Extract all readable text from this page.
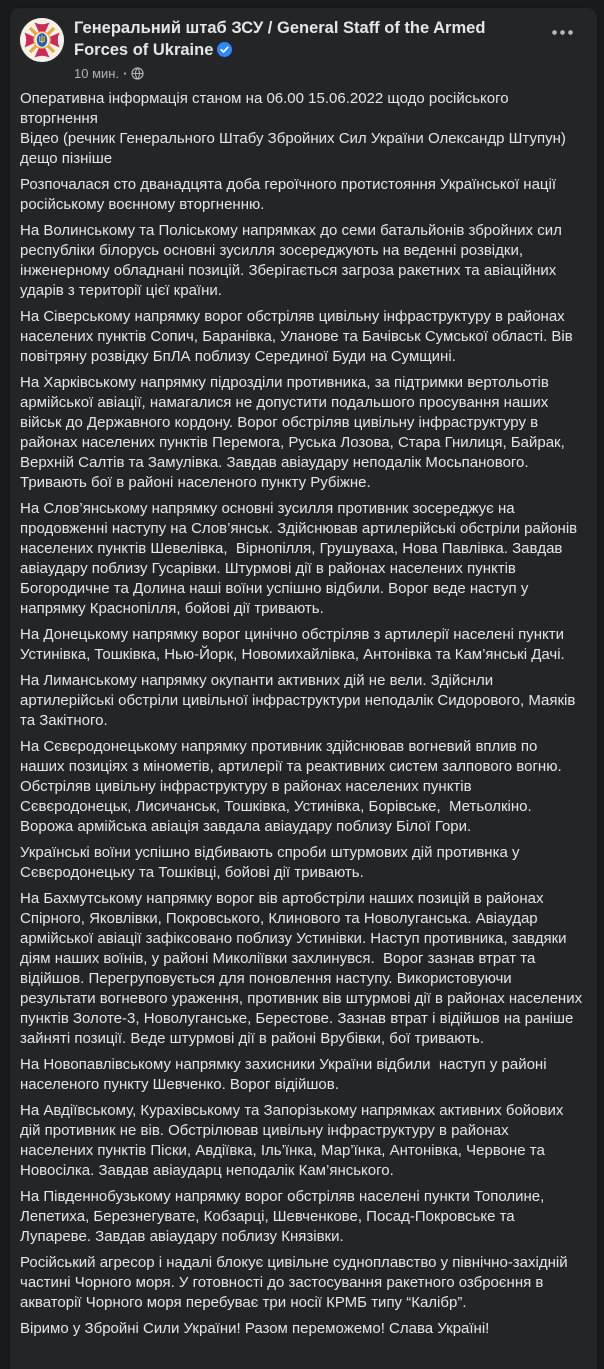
Генеральний штаб ЗСУ / General Staff of the Armed Forces of Ukraine
10 мин. ·

Оперативна інформація станом на 06.00 15.06.2022 щодо російського вторгнення
Відео (речник Генерального Штабу Збройних Сил України Олександр Штупун) дещо пізніше

Розпочалася сто дванадцята доба героїчного протистояння Української нації російському воєнному вторгненню.

На Волинському та Поліському напрямках до семи батальйонів збройних сил республіки білорусь основні зусилля зосереджують на веденні розвідки, інженерному обладнані позицій. Зберігається загроза ракетних та авіаційних ударів з території цієї країни.

На Сіверському напрямку ворог обстріляв цивільну інфраструктуру в районах населених пунктів Сопич, Баранівка, Уланове та Бачівськ Сумської області. Вів повітряну розвідку БпЛА поблизу Серединої Буди на Сумщині.

На Харківському напрямку підрозділи противника, за підтримки вертольотів армійської авіації, намагалися не допустити подальшого просування наших військ до Державного кордону. Ворог обстріляв цивільну інфраструктуру в районах населених пунктів Перемога, Руська Лозова, Стара Гнилиця, Байрак, Верхній Салтів та Замулівка. Завдав авіаудару неподалік Мосьпанового. Тривають бої в районі населеного пункту Рубіжне.

На Слов’янському напрямку основні зусилля противник зосереджує на продовженні наступу на Слов’янськ. Здійснював артилерійські обстріли районів населених пунктів Шевелівка,  Вірнопілля, Грушуваха, Нова Павлівка. Завдав авіаудару поблизу Гусарівки. Штурмові дії в районах населених пунктів Богородичне та Долина наші воїни успішно відбили. Ворог веде наступ у напрямку Краснопілля, бойові дії тривають.

На Донецькому напрямку ворог цинічно обстріляв з артилерії населені пункти Устинівка, Тошківка, Нью-Йорк, Новомихайлівка, Антонівка та Кам’янські Дачі.

На Лиманському напрямку окупанти активних дій не вели. Здійснли артилерійські обстріли цивільної інфраструктури неподалік Сидорового, Маяків та Закітного.

На Сєвєродонецькому напрямку противник здійснював вогневий вплив по наших позиціях з мінометів, артилерії та реактивних систем залпового вогню. Обстріляв цивільну інфраструктуру в районах населених пунктів Сєвєродонецьк, Лисичанськ, Тошківка, Устинівка, Борівське,  Метьолкіно. Ворожа армійська авіація завдала авіаудару поблизу Білої Гори.

Українські воїни успішно відбивають спроби штурмових дій противнка у Сєвєродонецьку та Тошківці, бойові дії тривають.

На Бахмутському напрямку ворог вів артобстріли наших позицій в районах Спірного, Яковлівки, Покровського, Клинового та Новолуганська. Авіаудар армійської авіації зафіксовано поблизу Устинівки. Наступ противника, завдяки діям наших воїнів, у районі Миколіївки захлинувся.  Ворог зазнав втрат та відійшов. Перегруповується для поновлення наступу. Використовуючи результати вогневого ураження, противник вів штурмові дії в районах населених пунктів Золоте-3, Новолуганське, Берестове. Зазнав втрат і відійшов на раніше зайняті позиції. Веде штурмові дії в районі Врубівки, бої тривають.

На Новопавлівському напрямку захисники України відбили  наступ у районі населеного пункту Шевченко. Ворог відійшов.

На Авдіївському, Курахівському та Запорізькому напрямках активних бойових дій противник не вів. Обстрілював цивільну інфраструктуру в районах населених пунктів Піски, Авдіївка, Іль’їнка, Мар’їнка, Антонівка, Червоне та Новосілка. Завдав авіаударц неподалік Кам’янського.

На Південнобузькому напрямку ворог обстріляв населені пункти Тополине, Лепетиха, Березнегувате, Кобзарці, Шевченкове, Посад-Покровське та Лупареве. Завдав авіаудару поблизу Князівки.

Російський агресор і надалі блокує цивільне судноплавство у північно-західній частині Чорного моря. У готовності до застосування ракетного озброєння в акваторії Чорного моря перебуває три носії КРМБ типу “Калібр”.

Віримо у Збройні Сили України! Разом переможемо! Слава Україні!
